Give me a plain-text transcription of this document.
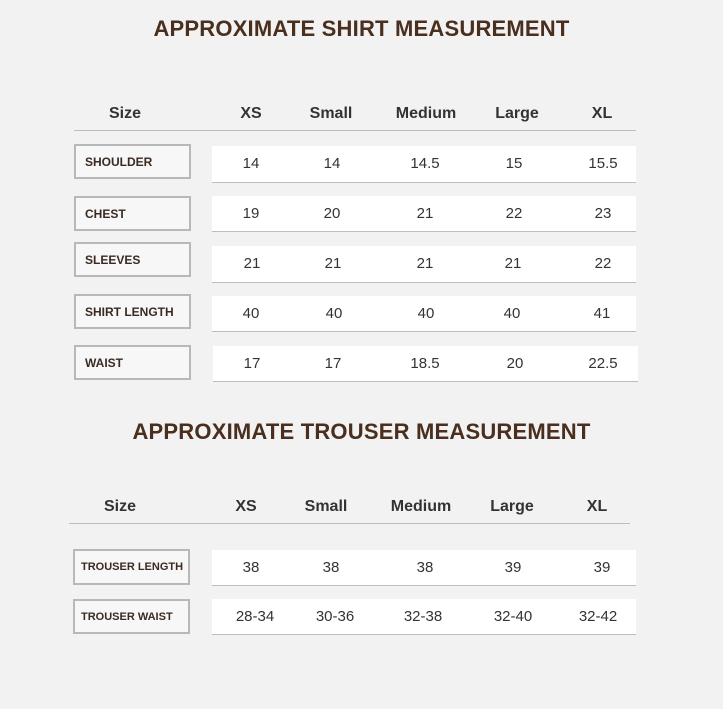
APPROXIMATE SHIRT MEASUREMENT
Size	XS	Small	Medium	Large	XL
SHOULDER	14	14	14.5	15	15.5
CHEST	19	20	21	22	23
SLEEVES	21	21	21	21	22
SHIRT LENGTH	40	40	40	40	41
WAIST	17	17	18.5	20	22.5
APPROXIMATE TROUSER MEASUREMENT
Size	XS	Small	Medium	Large	XL
TROUSER LENGTH	38	38	38	39	39
TROUSER WAIST	28-34	30-36	32-38	32-40	32-42
